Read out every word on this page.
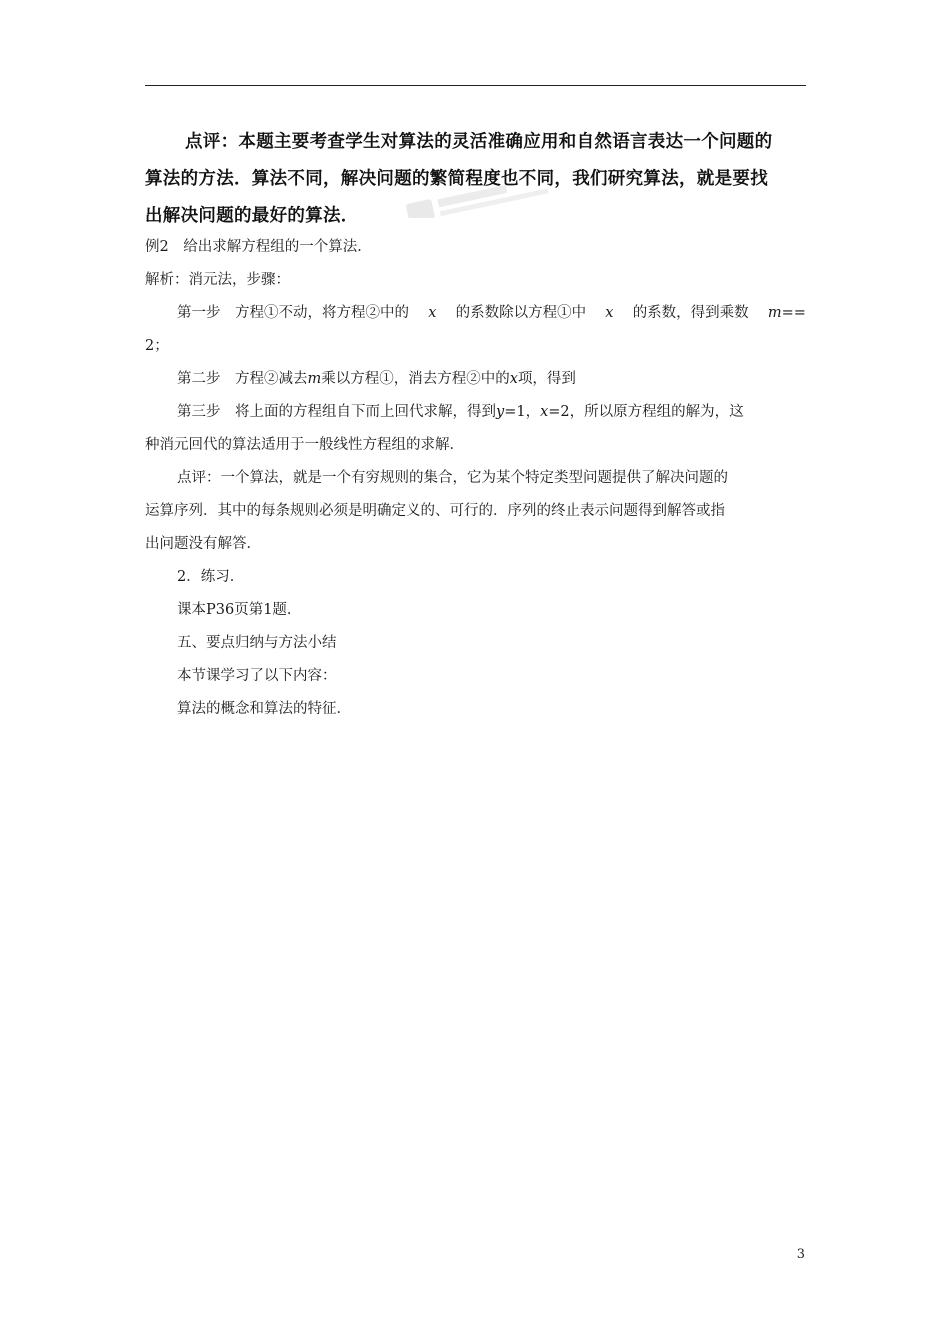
点评：本题主要考查学生对算法的灵活准确应用和自然语言表达一个问题的
算法的方法．算法不同，解决问题的繁简程度也不同，我们研究算法，就是要找
出解决问题的最好的算法．
例2　给出求解方程组的一个算法．
解析：消元法，步骤：
第一步　方程①不动，将方程②中的 x 的系数除以方程①中 x 的系数，得到乘数 m==
2；
第二步　方程②减去m乘以方程①，消去方程②中的x项，得到
第三步　将上面的方程组自下而上回代求解，得到y=1，x=2，所以原方程组的解为，这
种消元回代的算法适用于一般线性方程组的求解．
点评：一个算法，就是一个有穷规则的集合，它为某个特定类型问题提供了解决问题的
运算序列．其中的每条规则必须是明确定义的、可行的．序列的终止表示问题得到解答或指
出问题没有解答．
2．练习．
课本P36页第1题．
五、要点归纳与方法小结
本节课学习了以下内容：
算法的概念和算法的特征．
3
